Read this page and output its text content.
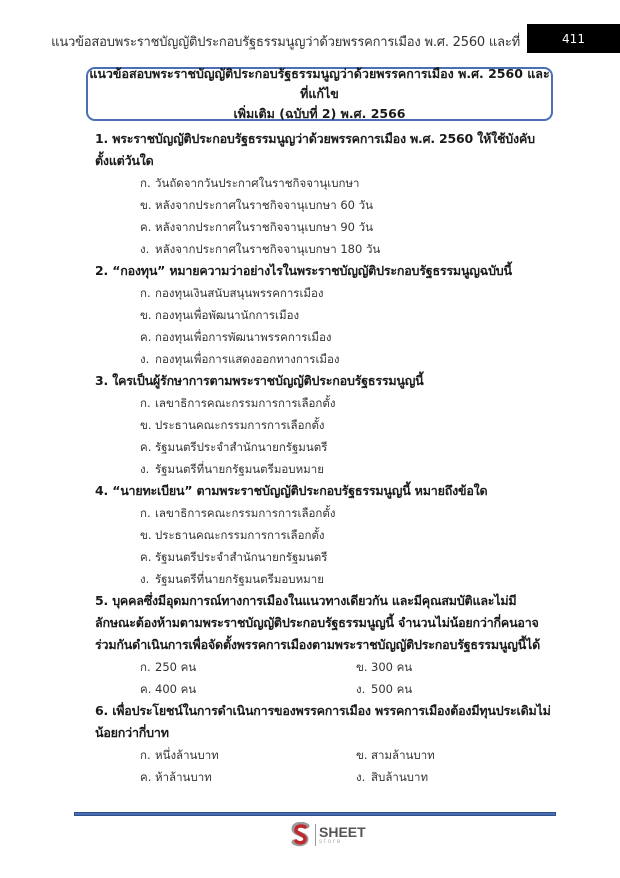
แนวข้อสอบพระราชบัญญัติประกอบรัฐธรรมนูญว่าด้วยพรรคการเมือง พ.ศ. 2560 และที่	411
แนวข้อสอบพระราชบัญญัติประกอบรัฐธรรมนูญว่าด้วยพรรคการเมือง พ.ศ. 2560 และที่แก้ไข
เพิ่มเติม (ฉบับที่ 2) พ.ศ. 2566
1. พระราชบัญญัติประกอบรัฐธรรมนูญว่าด้วยพรรคการเมือง พ.ศ. 2560 ให้ใช้บังคับตั้งแต่วันใด
ก. วันถัดจากวันประกาศในราชกิจจานุเบกษา
ข. หลังจากประกาศในราชกิจจานุเบกษา 60 วัน
ค. หลังจากประกาศในราชกิจจานุเบกษา 90 วัน
ง. หลังจากประกาศในราชกิจจานุเบกษา 180 วัน
2. “กองทุน” หมายความว่าอย่างไรในพระราชบัญญัติประกอบรัฐธรรมนูญฉบับนี้
ก. กองทุนเงินสนับสนุนพรรคการเมือง
ข. กองทุนเพื่อพัฒนานักการเมือง
ค. กองทุนเพื่อการพัฒนาพรรคการเมือง
ง. กองทุนเพื่อการแสดงออกทางการเมือง
3. ใครเป็นผู้รักษาการตามพระราชบัญญัติประกอบรัฐธรรมนูญนี้
ก. เลขาธิการคณะกรรมการการเลือกตั้ง
ข. ประธานคณะกรรมการการเลือกตั้ง
ค. รัฐมนตรีประจำสำนักนายกรัฐมนตรี
ง. รัฐมนตรีที่นายกรัฐมนตรีมอบหมาย
4. “นายทะเบียน” ตามพระราชบัญญัติประกอบรัฐธรรมนูญนี้ หมายถึงข้อใด
ก. เลขาธิการคณะกรรมการการเลือกตั้ง
ข. ประธานคณะกรรมการการเลือกตั้ง
ค. รัฐมนตรีประจำสำนักนายกรัฐมนตรี
ง. รัฐมนตรีที่นายกรัฐมนตรีมอบหมาย
5. บุคคลซึ่งมีอุดมการณ์ทางการเมืองในแนวทางเดียวกัน และมีคุณสมบัติและไม่มีลักษณะต้องห้ามตามพระราชบัญญัติประกอบรัฐธรรมนูญนี้ จำนวนไม่น้อยกว่ากี่คนอาจร่วมกันดำเนินการเพื่อจัดตั้งพรรคการเมืองตามพระราชบัญญัติประกอบรัฐธรรมนูญนี้ได้
ก. 250 คน	ข. 300 คน
ค. 400 คน	ง. 500 คน
6. เพื่อประโยชน์ในการดำเนินการของพรรคการเมือง พรรคการเมืองต้องมีทุนประเดิมไม่น้อยกว่ากี่บาท
ก. หนึ่งล้านบาท	ข. สามล้านบาท
ค. ห้าล้านบาท	ง. สิบล้านบาท
SHEET
store
